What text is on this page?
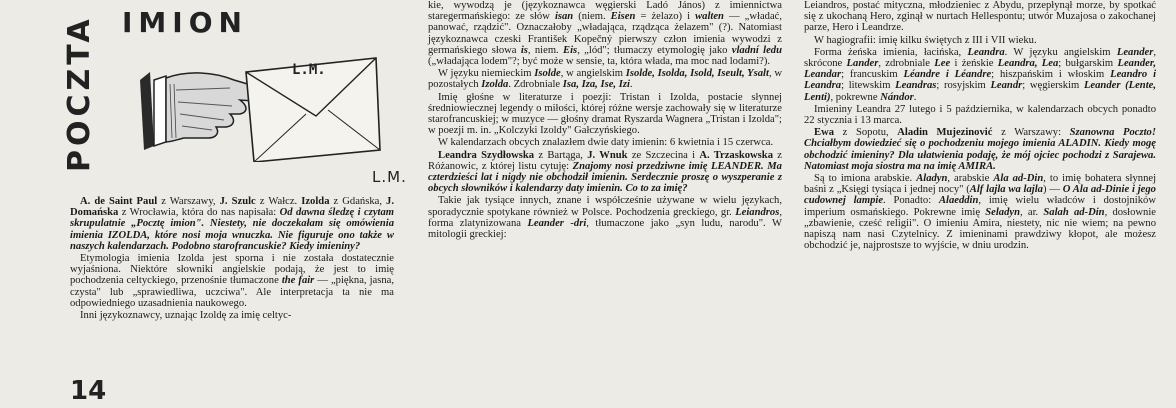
POCZTA IMION
L.M.
L.M.

A. de Saint Paul z Warszawy, J. Szulc z Wałcz. Izolda z Gdańska, J. Domańska z Wrocławia, która do nas napisała: Od dawna śledzę i czytam skrupulatnie „Pocztę imion". Niestety, nie doczekałam się omówienia imienia IZOLDA, które nosi moja wnuczka. Nie figuruje ono także w naszych kalendarzach. Podobno starofrancuskie? Kiedy imieniny?

Etymologia imienia Izolda jest sporna i nie została dostatecznie wyjaśniona. Niektóre słowniki angielskie podają, że jest to imię pochodzenia celtyckiego, przenośnie tłumaczone the fair — „piękna, jasna, czysta" lub „sprawiedliwa, uczciwa". Ale interpretacja ta nie ma odpowiedniego uzasadnienia naukowego.

Inni językoznawcy, uznając Izoldę za imię celtyc-

kie, wywodzą je (językoznawca węgierski Ladó János) z imiennictwa staregermańskiego: ze słów isan (niem. Eisen = żelazo) i walten — „władać, panować, rządzić". Oznaczałoby „władająca, rządząca żelazem" (?). Natomiast językoznawca czeski František Kopečný pierwszy człon imienia wywodzi z germańskiego słowa is, niem. Eis, „lód"; tłumaczy etymologię jako vladní ledu („władająca lodem"?; być może w sensie, ta, która włada, ma moc nad lodami?).

W języku niemieckim Isolde, w angielskim Isolde, Isolda, Isold, Iseult, Ysalt, w pozostałych Izolda. Zdrobniale Isa, Iza, Ise, Izi.

Imię głośne w literaturze i poezji: Tristan i Izolda, postacie słynnej średniowiecznej legendy o miłości, której różne wersje zachowały się w literaturze starofrancuskiej; w muzyce — głośny dramat Ryszarda Wagnera „Tristan i Izolda"; w poezji m. in. „Kolczyki Izoldy" Gałczyńskiego.

W kalendarzach obcych znalazłem dwie daty imienin: 6 kwietnia i 15 czerwca.

Leandra Szydłowska z Bartąga, J. Wnuk ze Szczecina i A. Trzaskowska z Różanowic, z której listu cytuję: Znajomy nosi przedziwne imię LEANDER. Ma czterdzieści lat i nigdy nie obchodził imienin. Serdecznie proszę o wyszperanie z obcych słowników i kalendarzy daty imienin. Co to za imię?

Takie jak tysiące innych, znane i współcześnie używane w wielu językach, sporadycznie spotykane również w Polsce. Pochodzenia greckiego, gr. Leiandros, forma zlatynizowana Leander -dri, tłumaczone jako „syn ludu, narodu". W mitologii greckiej:

Leiandros, postać mityczna, młodzieniec z Abydu, przepłynął morze, by spotkać się z ukochaną Hero, zginął w nurtach Hellespontu; utwór Muzajosa o zakochanej parze, Hero i Leandrze.

W hagiografii: imię kilku świętych z III i VII wieku.

Forma żeńska imienia, łacińska, Leandra. W języku angielskim Leander, skrócone Lander, zdrobniale Lee i żeńskie Leandra, Lea; bułgarskim Leander, Leandar; francuskim Léandre i Léandre; hiszpańskim i włoskim Leandro i Leandra; litewskim Leandras; rosyjskim Leandr; węgierskim Leander (Lente, Lenti), pokrewne Nándor.

Imieniny Leandra 27 lutego i 5 października, w kalendarzach obcych ponadto 22 stycznia i 13 marca.

Ewa z Sopotu, Aladin Mujezinović z Warszawy: Szanowna Poczto! Chciałbym dowiedzieć się o pochodzeniu mojego imienia ALADIN. Kiedy mogę obchodzić imieniny? Dla ułatwienia podaję, że mój ojciec pochodzi z Sarajewa. Natomiast moja siostra ma na imię AMIRA.

Są to imiona arabskie. Aladyn, arabskie Ala ad-Din, to imię bohatera słynnej baśni z „Księgi tysiąca i jednej nocy" (Alf lajla wa lajla) — O Ala ad-Dinie i jego cudownej lampie. Ponadto: Alaeddin, imię wielu władców i dostojników imperium osmańskiego. Pokrewne imię Seladyn, ar. Salah ad-Din, dosłownie „zbawienie, cześć religii". O imieniu Amira, niestety, nic nie wiem; na pewno napiszą nam nasi Czytelnicy. Z imieninami prawdziwy kłopot, ale możesz obchodzić je, najprostsze to wyjście, w dniu urodzin.

14
